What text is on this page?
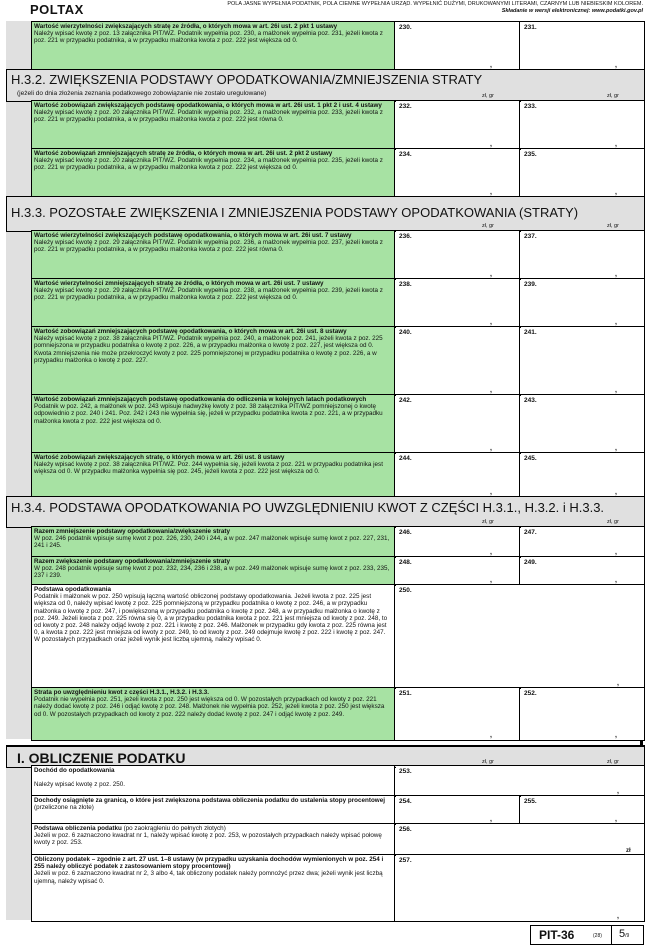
POLTAX	POLA JASNE WYPEŁNIA PODATNIK, POLA CIEMNE WYPEŁNIA URZĄD. WYPEŁNIĆ DUŻYMI, DRUKOWANYMI LITERAMI, CZARNYM LUB NIEBIESKIM KOLOREM.
Składanie w wersji elektronicznej: www.podatki.gov.pl
Wartość wierzytelności zwiększających stratę ze źródła, o których mowa w art. 26i ust. 2 pkt 1 ustawy
Należy wpisać kwotę z poz. 13 załącznika PIT/WZ. Podatnik wypełnia poz. 230, a małżonek wypełnia poz. 231, jeżeli kwota z poz. 221 w przypadku podatnika, a w przypadku małżonka kwota z poz. 222 jest większa od 0.
230.
,
231.
,
H.3.2. ZWIĘKSZENIA PODSTAWY OPODATKOWANIA/ZMNIEJSZENIA STRATY
(jeżeli do dnia złożenia zeznania podatkowego zobowiązanie nie zostało uregulowane)	zł, gr	zł, gr
Wartość zobowiązań zwiększających podstawę opodatkowania, o których mowa w art. 26i ust. 1 pkt 2 i ust. 4 ustawy
Należy wpisać kwotę z poz. 20 załącznika PIT/WZ. Podatnik wypełnia poz. 232, a małżonek wypełnia poz. 233, jeżeli kwota z poz. 221 w przypadku podatnika, a w przypadku małżonka kwota z poz. 222 jest równa 0.
232.
,
233.
,
Wartość zobowiązań zmniejszających stratę ze źródła, o których mowa w art. 26i ust. 2 pkt 2 ustawy
Należy wpisać kwotę z poz. 20 załącznika PIT/WZ. Podatnik wypełnia poz. 234, a małżonek wypełnia poz. 235, jeżeli kwota z poz. 221 w przypadku podatnika, a w przypadku małżonka kwota z poz. 222 jest większa od 0.
234.
,
235.
,
H.3.3. POZOSTAŁE ZWIĘKSZENIA I ZMNIEJSZENIA PODSTAWY OPODATKOWANIA (STRATY)
zł, gr	zł, gr
Wartość wierzytelności zwiększających podstawę opodatkowania, o których mowa w art. 26i ust. 7 ustawy
Należy wpisać kwotę z poz. 29 załącznika PIT/WZ. Podatnik wypełnia poz. 236, a małżonek wypełnia poz. 237, jeżeli kwota z poz. 221 w przypadku podatnika, a w przypadku małżonka kwota z poz. 222 jest równa 0.
236.
,
237.
,
Wartość wierzytelności zmniejszających stratę ze źródła, o których mowa w art. 26i ust. 7 ustawy
Należy wpisać kwotę z poz. 29 załącznika PIT/WZ. Podatnik wypełnia poz. 238, a małżonek wypełnia poz. 239, jeżeli kwota z poz. 221 w przypadku podatnika, a w przypadku małżonka kwota z poz. 222 jest większa od 0.
238.
,
239.
,
Wartość zobowiązań zmniejszających podstawę opodatkowania, o których mowa w art. 26i ust. 8 ustawy
Należy wpisać kwotę z poz. 38 załącznika PIT/WZ. Podatnik wypełnia poz. 240, a małżonek poz. 241, jeżeli kwota z poz. 225 pomniejszona w przypadku podatnika o kwotę z poz. 226, a w przypadku małżonka o kwotę z poz. 227, jest większa od 0. Kwota zmniejszenia nie może przekroczyć kwoty z poz. 225 pomniejszonej w przypadku podatnika o kwotę z poz. 226, a w przypadku małżonka o kwotę z poz. 227.
240.
,
241.
,
Wartość zobowiązań zmniejszających podstawę opodatkowania do odliczenia w kolejnych latach podatkowych
Podatnik w poz. 242, a małżonek w poz. 243 wpisuje nadwyżkę kwoty z poz. 38 załącznika PIT/WZ pomniejszonej o kwotę odpowiednio z poz. 240 i 241. Poz. 242 i 243 nie wypełnia się, jeżeli w przypadku podatnika kwota z poz. 221, a w przypadku małżonka kwota z poz. 222 jest większa od 0.
242.
,
243.
,
Wartość zobowiązań zwiększających stratę, o których mowa w art. 26i ust. 8 ustawy
Należy wpisać kwotę z poz. 38 załącznika PIT/WZ. Poz. 244 wypełnia się, jeżeli kwota z poz. 221 w przypadku podatnika jest większa od 0. W przypadku małżonka wypełnia się poz. 245, jeżeli kwota z poz. 222 jest większa od 0.
244.
,
245.
,
H.3.4. PODSTAWA OPODATKOWANIA PO UWZGLĘDNIENIU KWOT Z CZĘŚCI H.3.1., H.3.2. i H.3.3.
zł, gr	zł, gr
Razem zmniejszenie podstawy opodatkowania/zwiększenie straty
W poz. 246 podatnik wpisuje sumę kwot z poz. 226, 230, 240 i 244, a w poz. 247 małżonek wpisuje sumę kwot z poz. 227, 231, 241 i 245.
246.
,
247.
,
Razem zwiększenie podstawy opodatkowania/zmniejszenie straty
W poz. 248 podatnik wpisuje sumę kwot z poz. 232, 234, 236 i 238, a w poz. 249 małżonek wpisuje sumę kwot z poz. 233, 235, 237 i 239.
248.
,
249.
,
Podstawa opodatkowania
Podatnik i małżonek w poz. 250 wpisują łączną wartość obliczonej podstawy opodatkowania. Jeżeli kwota z poz. 225 jest większa od 0, należy wpisać kwotę z poz. 225 pomniejszoną w przypadku podatnika o kwotę z poz. 246, a w przypadku małżonka o kwotę z poz. 247, i powiększoną w przypadku podatnika o kwotę z poz. 248, a w przypadku małżonka o kwotę z poz. 249. Jeżeli kwota z poz. 225 równa się 0, a w przypadku podatnika kwota z poz. 221 jest mniejsza od kwoty z poz. 248, to od kwoty z poz. 248 należy odjąć kwotę z poz. 221 i kwotę z poz. 246. Małżonek w przypadku gdy kwota z poz. 225 równa jest 0, a kwota z poz. 222 jest mniejsza od kwoty z poz. 249, to od kwoty z poz. 249 odejmuje kwotę z poz. 222 i kwotę z poz. 247. W pozostałych przypadkach oraz jeżeli wynik jest liczbą ujemną, należy wpisać 0.
250.
,
Strata po uwzględnieniu kwot z części H.3.1., H.3.2. i H.3.3.
Podatnik nie wypełnia poz. 251, jeżeli kwota z poz. 250 jest większa od 0. W pozostałych przypadkach od kwoty z poz. 221 należy dodać kwotę z poz. 246 i odjąć kwotę z poz. 248. Małżonek nie wypełnia poz. 252, jeżeli kwota z poz. 250 jest większa od 0. W pozostałych przypadkach od kwoty z poz. 222 należy dodać kwotę z poz. 247 i odjąć kwotę z poz. 249.
251.
,
252.
,
I. OBLICZENIE PODATKU	zł, gr	zł, gr
Dochód do opodatkowania

Należy wpisać kwotę z poz. 250.
253.
,
Dochody osiągnięte za granicą, o które jest zwiększona podstawa obliczenia podatku do ustalenia stopy procentowej (przeliczone na złote)
254.
,
255.
,
Podstawa obliczenia podatku (po zaokrągleniu do pełnych złotych)
Jeżeli w poz. 6 zaznaczono kwadrat nr 1, należy wpisać kwotę z poz. 253, w pozostałych przypadkach należy wpisać połowę kwoty z poz. 253.
256.
zł
Obliczony podatek – zgodnie z art. 27 ust. 1–8 ustawy (w przypadku uzyskania dochodów wymienionych w poz. 254 i 255 należy obliczyć podatek z zastosowaniem stopy procentowej)
Jeżeli w poz. 6 zaznaczono kwadrat nr 2, 3 albo 4, tak obliczony podatek należy pomnożyć przez dwa; jeżeli wynik jest liczbą ujemną, należy wpisać 0.
257.
,
PIT-36	(28) 5/9
